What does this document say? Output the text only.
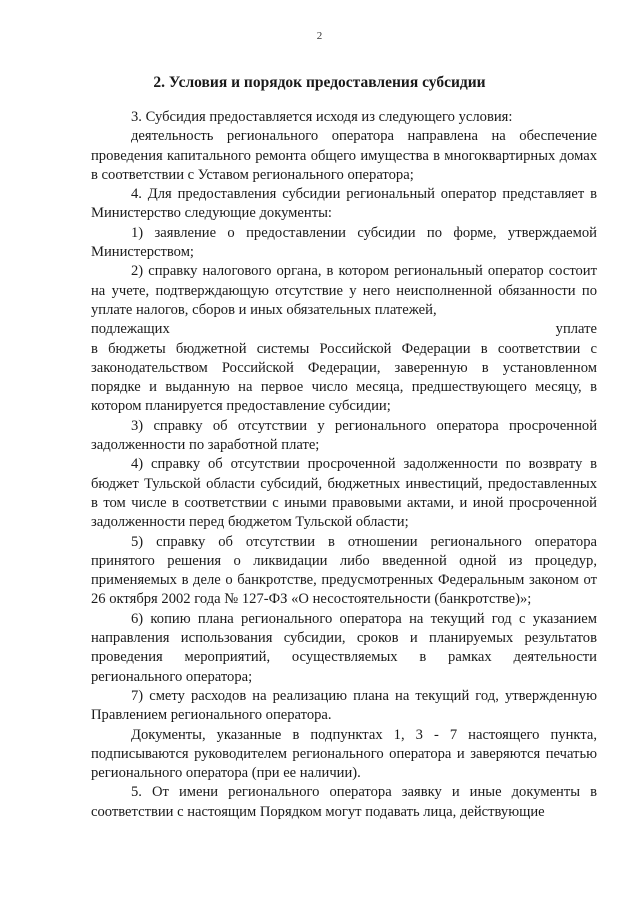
2
2. Условия и порядок предоставления субсидии

3. Субсидия предоставляется исходя из следующего условия:

деятельность регионального оператора направлена на обеспечение проведения капитального ремонта общего имущества в многоквартирных домах в соответствии с Уставом регионального оператора;

4. Для предоставления субсидии региональный оператор представляет в Министерство следующие документы:

1) заявление о предоставлении субсидии по форме, утверждаемой Министерством;

2) справку налогового органа, в котором региональный оператор состоит на учете, подтверждающую отсутствие у него неисполненной обязанности по уплате налогов, сборов и иных обязательных платежей,

подлежащих	уплате

в бюджеты бюджетной системы Российской Федерации в соответствии с законодательством Российской Федерации, заверенную в установленном порядке и выданную на первое число месяца, предшествующего месяцу, в котором планируется предоставление субсидии;

3) справку об отсутствии у регионального оператора просроченной задолженности по заработной плате;

4) справку об отсутствии просроченной задолженности по возврату в бюджет Тульской области субсидий, бюджетных инвестиций, предоставленных в том числе в соответствии с иными правовыми актами, и иной просроченной задолженности перед бюджетом Тульской области;

5) справку об отсутствии в отношении регионального оператора принятого решения о ликвидации либо введенной одной из процедур, применяемых в деле о банкротстве, предусмотренных Федеральным законом от 26 октября 2002 года № 127-ФЗ «О несостоятельности (банкротстве)»;

6) копию плана регионального оператора на текущий год с указанием направления использования субсидии, сроков и планируемых результатов проведения мероприятий, осуществляемых в рамках деятельности регионального оператора;

7) смету расходов на реализацию плана на текущий год, утвержденную Правлением регионального оператора.

Документы, указанные в подпунктах 1, 3 - 7 настоящего пункта, подписываются руководителем регионального оператора и заверяются печатью регионального оператора (при ее наличии).

5. От имени регионального оператора заявку и иные документы в соответствии с настоящим Порядком могут подавать лица, действующие
